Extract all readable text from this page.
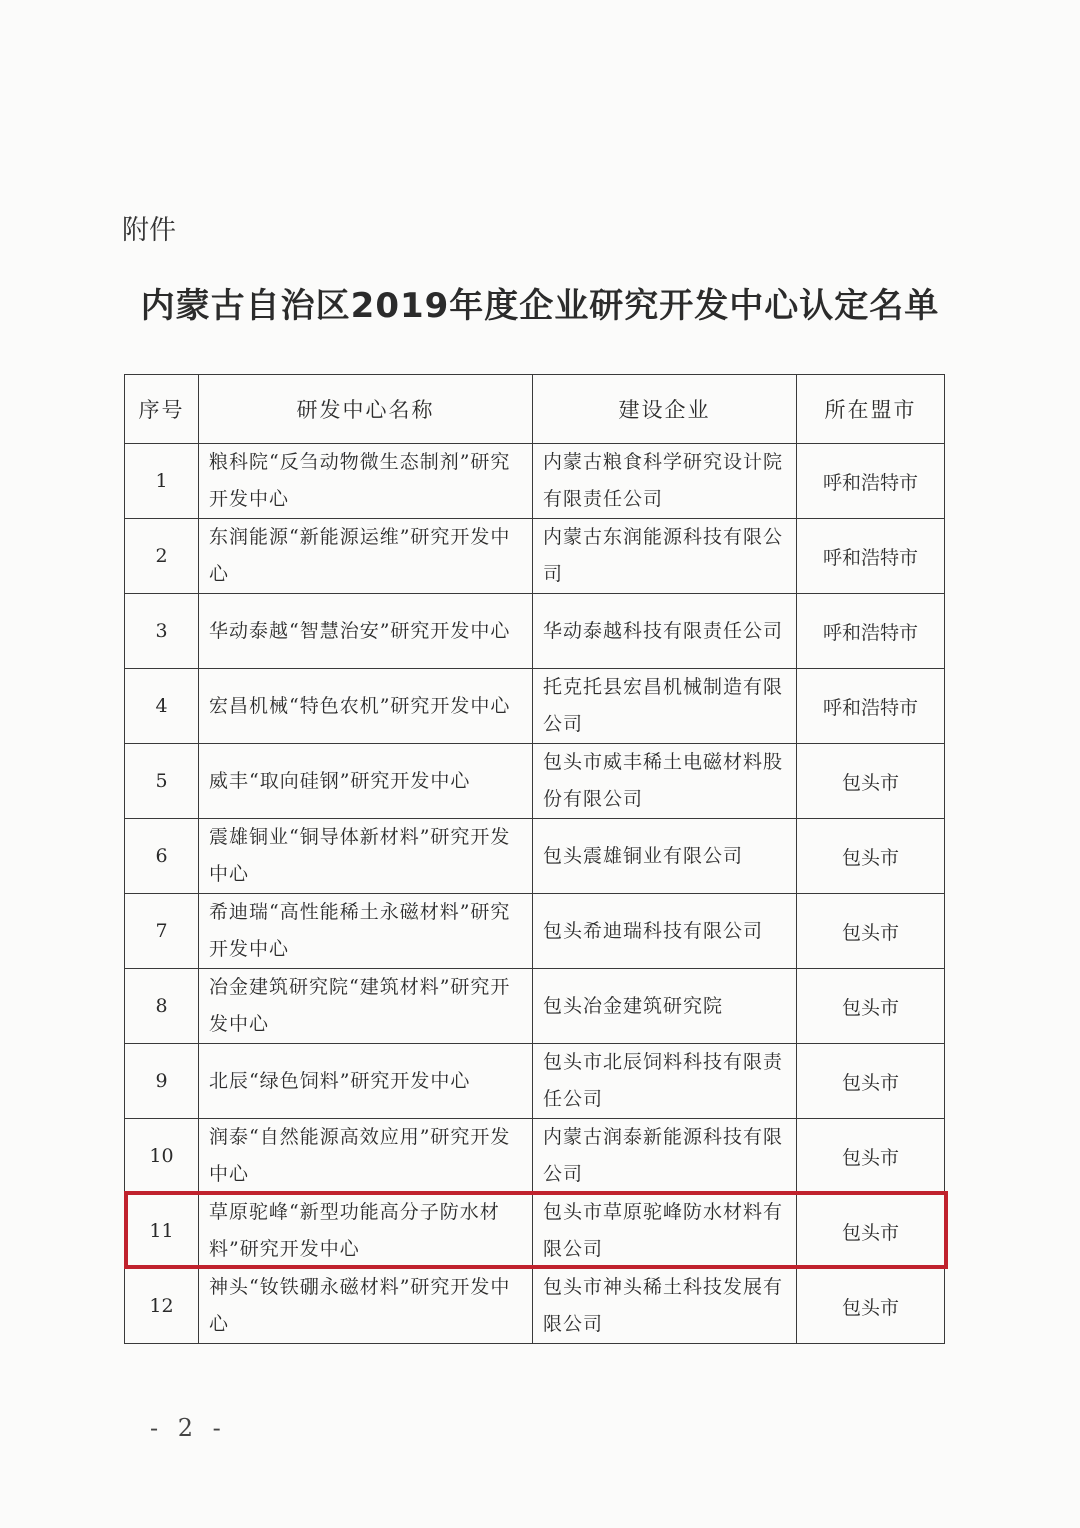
附件
内蒙古自治区2019年度企业研究开发中心认定名单
序号	研发中心名称	建设企业	所在盟市
1	粮科院“反刍动物微生态制剂”研究开发中心	内蒙古粮食科学研究设计院有限责任公司	呼和浩特市
2	东润能源“新能源运维”研究开发中心	内蒙古东润能源科技有限公司	呼和浩特市
3	华动泰越“智慧治安”研究开发中心	华动泰越科技有限责任公司	呼和浩特市
4	宏昌机械“特色农机”研究开发中心	托克托县宏昌机械制造有限公司	呼和浩特市
5	威丰“取向硅钢”研究开发中心	包头市威丰稀土电磁材料股份有限公司	包头市
6	震雄铜业“铜导体新材料”研究开发中心	包头震雄铜业有限公司	包头市
7	希迪瑞“高性能稀土永磁材料”研究开发中心	包头希迪瑞科技有限公司	包头市
8	冶金建筑研究院“建筑材料”研究开发中心	包头冶金建筑研究院	包头市
9	北辰“绿色饲料”研究开发中心	包头市北辰饲料科技有限责任公司	包头市
10	润泰“自然能源高效应用”研究开发中心	内蒙古润泰新能源科技有限公司	包头市
11	草原驼峰“新型功能高分子防水材料”研究开发中心	包头市草原驼峰防水材料有限公司	包头市
12	神头“钕铁硼永磁材料”研究开发中心	包头市神头稀土科技发展有限公司	包头市
- 2 -
